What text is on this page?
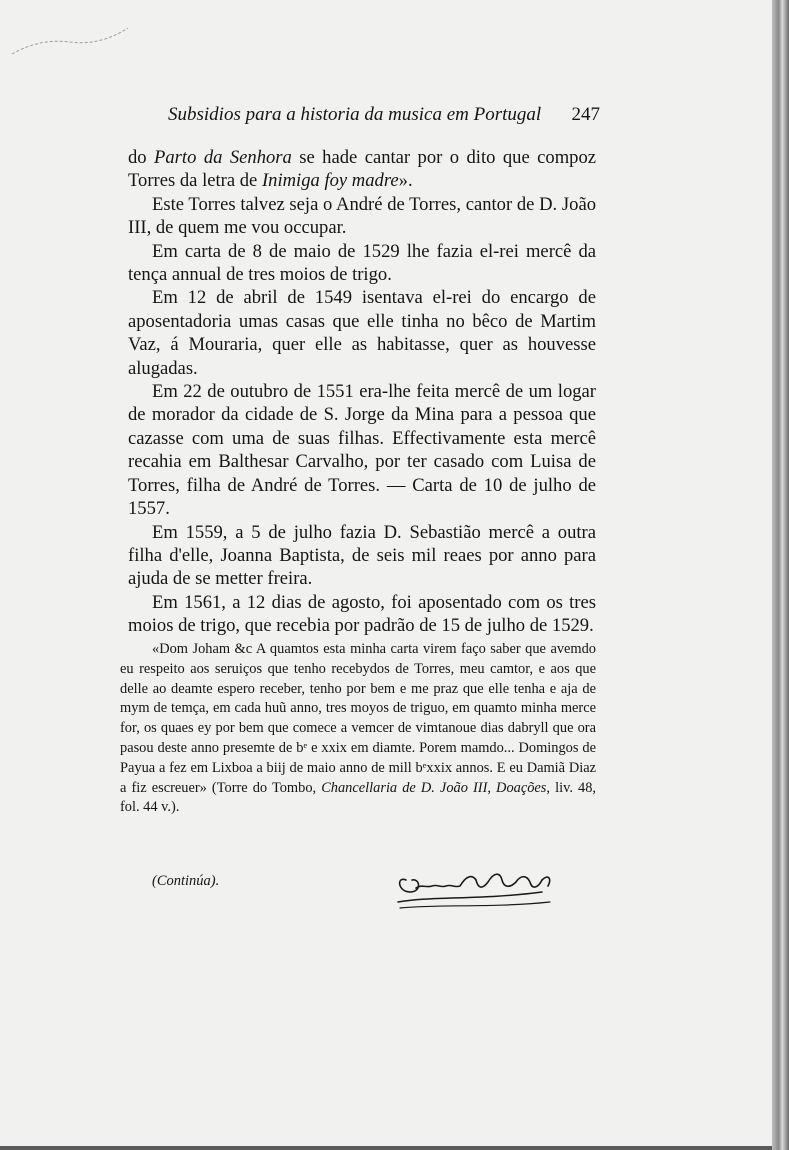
Subsidios para a historia da musica em Portugal 247

do Parto da Senhora se hade cantar por o dito que compoz Torres da letra de Inimiga foy madre».

Este Torres talvez seja o André de Torres, cantor de D. João III, de quem me vou occupar.

Em carta de 8 de maio de 1529 lhe fazia el-rei mercê da tença annual de tres moios de trigo.

Em 12 de abril de 1549 isentava el-rei do encargo de aposentadoria umas casas que elle tinha no bêco de Martim Vaz, á Mouraria, quer elle as habitasse, quer as houvesse alugadas.

Em 22 de outubro de 1551 era-lhe feita mercê de um logar de morador da cidade de S. Jorge da Mina para a pessoa que cazasse com uma de suas filhas. Effectivamente esta mercê recahia em Balthesar Carvalho, por ter casado com Luisa de Torres, filha de André de Torres. — Carta de 10 de julho de 1557.

Em 1559, a 5 de julho fazia D. Sebastião mercê a outra filha d'elle, Joanna Baptista, de seis mil reaes por anno para ajuda de se metter freira.

Em 1561, a 12 dias de agosto, foi aposentado com os tres moios de trigo, que recebia por padrão de 15 de julho de 1529.

«Dom Joham &c A quamtos esta minha carta virem faço saber que avemdo eu respeito aos seruiços que tenho recebydos de Torres, meu camtor, e aos que delle ao deamte espero receber, tenho por bem e me praz que elle tenha e aja de mym de temça, em cada huũ anno, tres moyos de triguo, em quamto minha merce for, os quaes ey por bem que comece a vemcer de vimtanoue dias dabryll que ora pasou deste anno presemte de bᵉ e xxix em diamte. Porem mamdo... Domingos de Payua a fez em Lixboa a biij de maio anno de mill bᵉxxix annos. E eu Damiã Diaz a fiz escreuer» (Torre do Tombo, Chancellaria de D. João III, Doações, liv. 48, fol. 44 v.).

(Continúa).
